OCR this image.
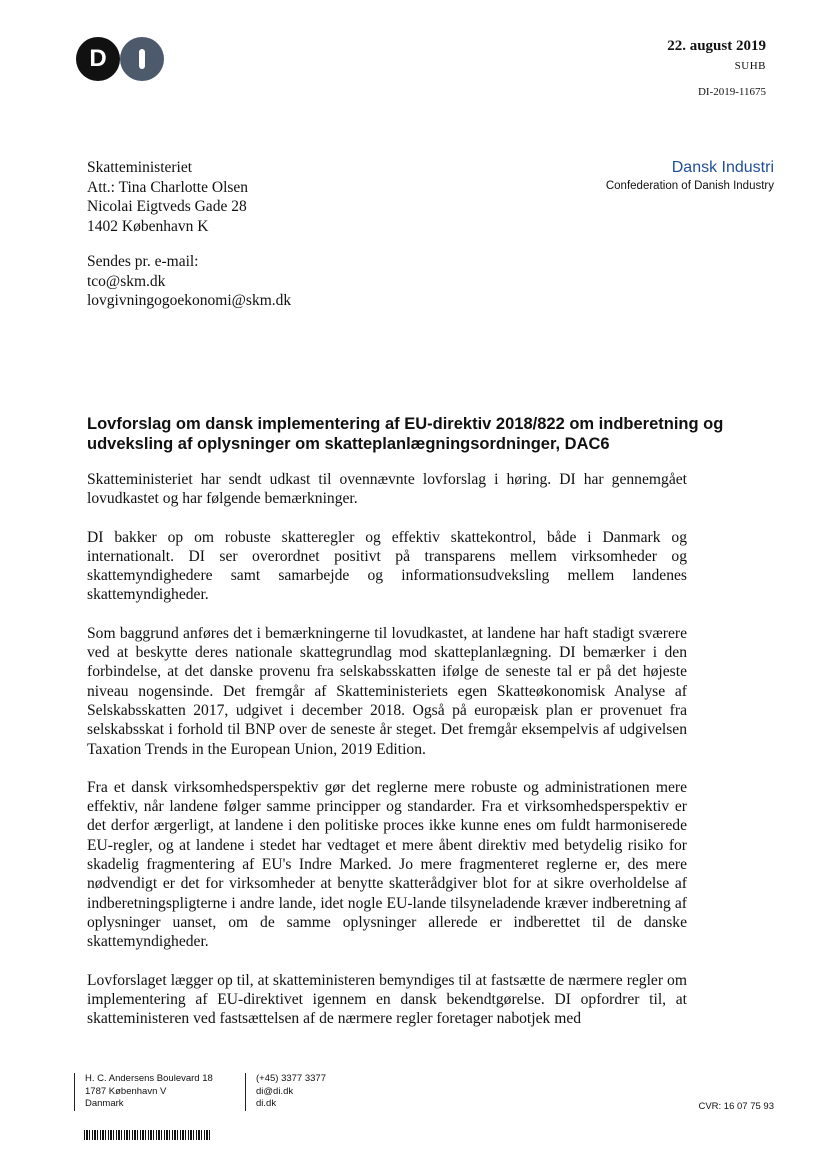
D	22. august 2019
SUHB
DI-2019-11675
Skatteministeriet
Att.: Tina Charlotte Olsen
Nicolai Eigtveds Gade 28
1402 København K
Sendes pr. e-mail:
tco@skm.dk
lovgivningogoekonomi@skm.dk
Dansk Industri
Confederation of Danish Industry
Lovforslag om dansk implementering af EU-direktiv 2018/822 om indberetning og udveksling af oplysninger om skatteplanlægningsordninger, DAC6

Skatteministeriet har sendt udkast til ovennævnte lovforslag i høring. DI har gennemgået lovudkastet og har følgende bemærkninger.

DI bakker op om robuste skatteregler og effektiv skattekontrol, både i Danmark og internationalt. DI ser overordnet positivt på transparens mellem virksomheder og skattemyndighedere samt samarbejde og informationsudveksling mellem landenes skattemyndigheder.

Som baggrund anføres det i bemærkningerne til lovudkastet, at landene har haft stadigt sværere ved at beskytte deres nationale skattegrundlag mod skatteplanlægning. DI bemærker i den forbindelse, at det danske provenu fra selskabsskatten ifølge de seneste tal er på det højeste niveau nogensinde. Det fremgår af Skatteministeriets egen Skatteøkonomisk Analyse af Selskabsskatten 2017, udgivet i december 2018. Også på europæisk plan er provenuet fra selskabsskat i forhold til BNP over de seneste år steget. Det fremgår eksempelvis af udgivelsen Taxation Trends in the European Union, 2019 Edition.

Fra et dansk virksomhedsperspektiv gør det reglerne mere robuste og administrationen mere effektiv, når landene følger samme principper og standarder. Fra et virksomhedsperspektiv er det derfor ærgerligt, at landene i den politiske proces ikke kunne enes om fuldt harmoniserede EU-regler, og at landene i stedet har vedtaget et mere åbent direktiv med betydelig risiko for skadelig fragmentering af EU's Indre Marked. Jo mere fragmenteret reglerne er, des mere nødvendigt er det for virksomheder at benytte skatterådgiver blot for at sikre overholdelse af indberetningspligterne i andre lande, idet nogle EU-lande tilsyneladende kræver indberetning af oplysninger uanset, om de samme oplysninger allerede er indberettet til de danske skattemyndigheder.

Lovforslaget lægger op til, at skatteministeren bemyndiges til at fastsætte de nærmere regler om implementering af EU-direktivet igennem en dansk bekendtgørelse. DI opfordrer til, at skatteministeren ved fastsættelsen af de nærmere regler foretager nabotjek med

H. C. Andersens Boulevard 18
1787 København V
Danmark
(+45) 3377 3377
di@di.dk
di.dk	CVR: 16 07 75 93
